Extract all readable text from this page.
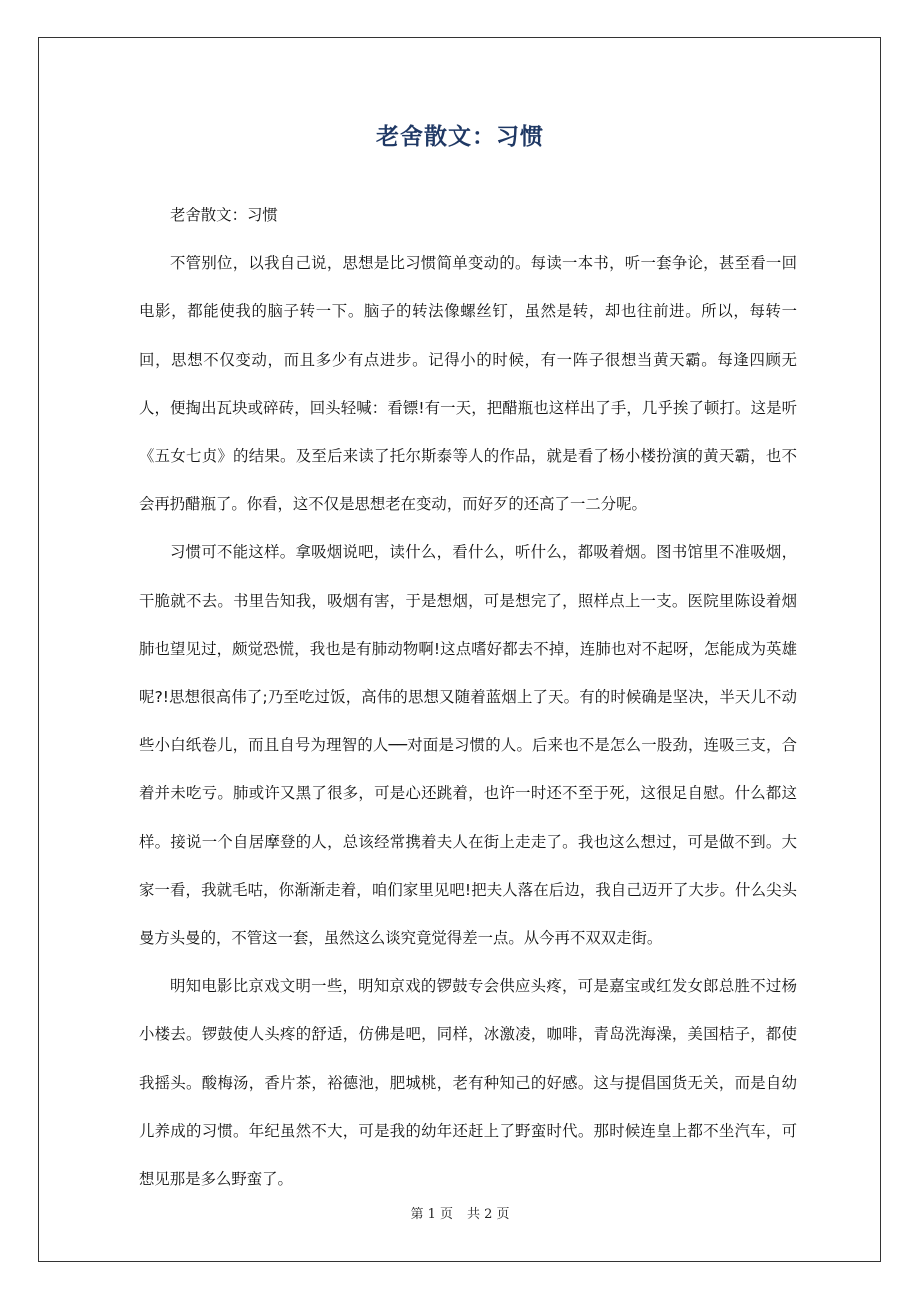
老舍散文：习惯

老舍散文：习惯

不管别位，以我自己说，思想是比习惯简单变动的。每读一本书，听一套争论，甚至看一回电影，都能使我的脑子转一下。脑子的转法像螺丝钉，虽然是转，却也往前进。所以，每转一回，思想不仅变动，而且多少有点进步。记得小的时候，有一阵子很想当黄天霸。每逢四顾无人，便掏出瓦块或碎砖，回头轻喊：看镖!有一天，把醋瓶也这样出了手，几乎挨了顿打。这是听《五女七贞》的结果。及至后来读了托尔斯泰等人的作品，就是看了杨小楼扮演的黄天霸，也不会再扔醋瓶了。你看，这不仅是思想老在变动，而好歹的还高了一二分呢。

习惯可不能这样。拿吸烟说吧，读什么，看什么，听什么，都吸着烟。图书馆里不准吸烟，干脆就不去。书里告知我，吸烟有害，于是想烟，可是想完了，照样点上一支。医院里陈设着烟肺也望见过，颇觉恐慌，我也是有肺动物啊!这点嗜好都去不掉，连肺也对不起呀，怎能成为英雄呢?!思想很高伟了;乃至吃过饭，高伟的思想又随着蓝烟上了天。有的时候确是坚决，半天儿不动些小白纸卷儿，而且自号为理智的人──对面是习惯的人。后来也不是怎么一股劲，连吸三支，合着并未吃亏。肺或许又黑了很多，可是心还跳着，也许一时还不至于死，这很足自慰。什么都这样。接说一个自居摩登的人，总该经常携着夫人在街上走走了。我也这么想过，可是做不到。大家一看，我就毛咕，你渐渐走着，咱们家里见吧!把夫人落在后边，我自己迈开了大步。什么尖头曼方头曼的，不管这一套，虽然这么谈究竟觉得差一点。从今再不双双走街。

明知电影比京戏文明一些，明知京戏的锣鼓专会供应头疼，可是嘉宝或红发女郎总胜不过杨小楼去。锣鼓使人头疼的舒适，仿佛是吧，同样，冰激凌，咖啡，青岛洗海澡，美国桔子，都使我摇头。酸梅汤，香片茶，裕德池，肥城桃，老有种知己的好感。这与提倡国货无关，而是自幼儿养成的习惯。年纪虽然不大，可是我的幼年还赶上了野蛮时代。那时候连皇上都不坐汽车，可想见那是多么野蛮了。

第 1 页 共 2 页
